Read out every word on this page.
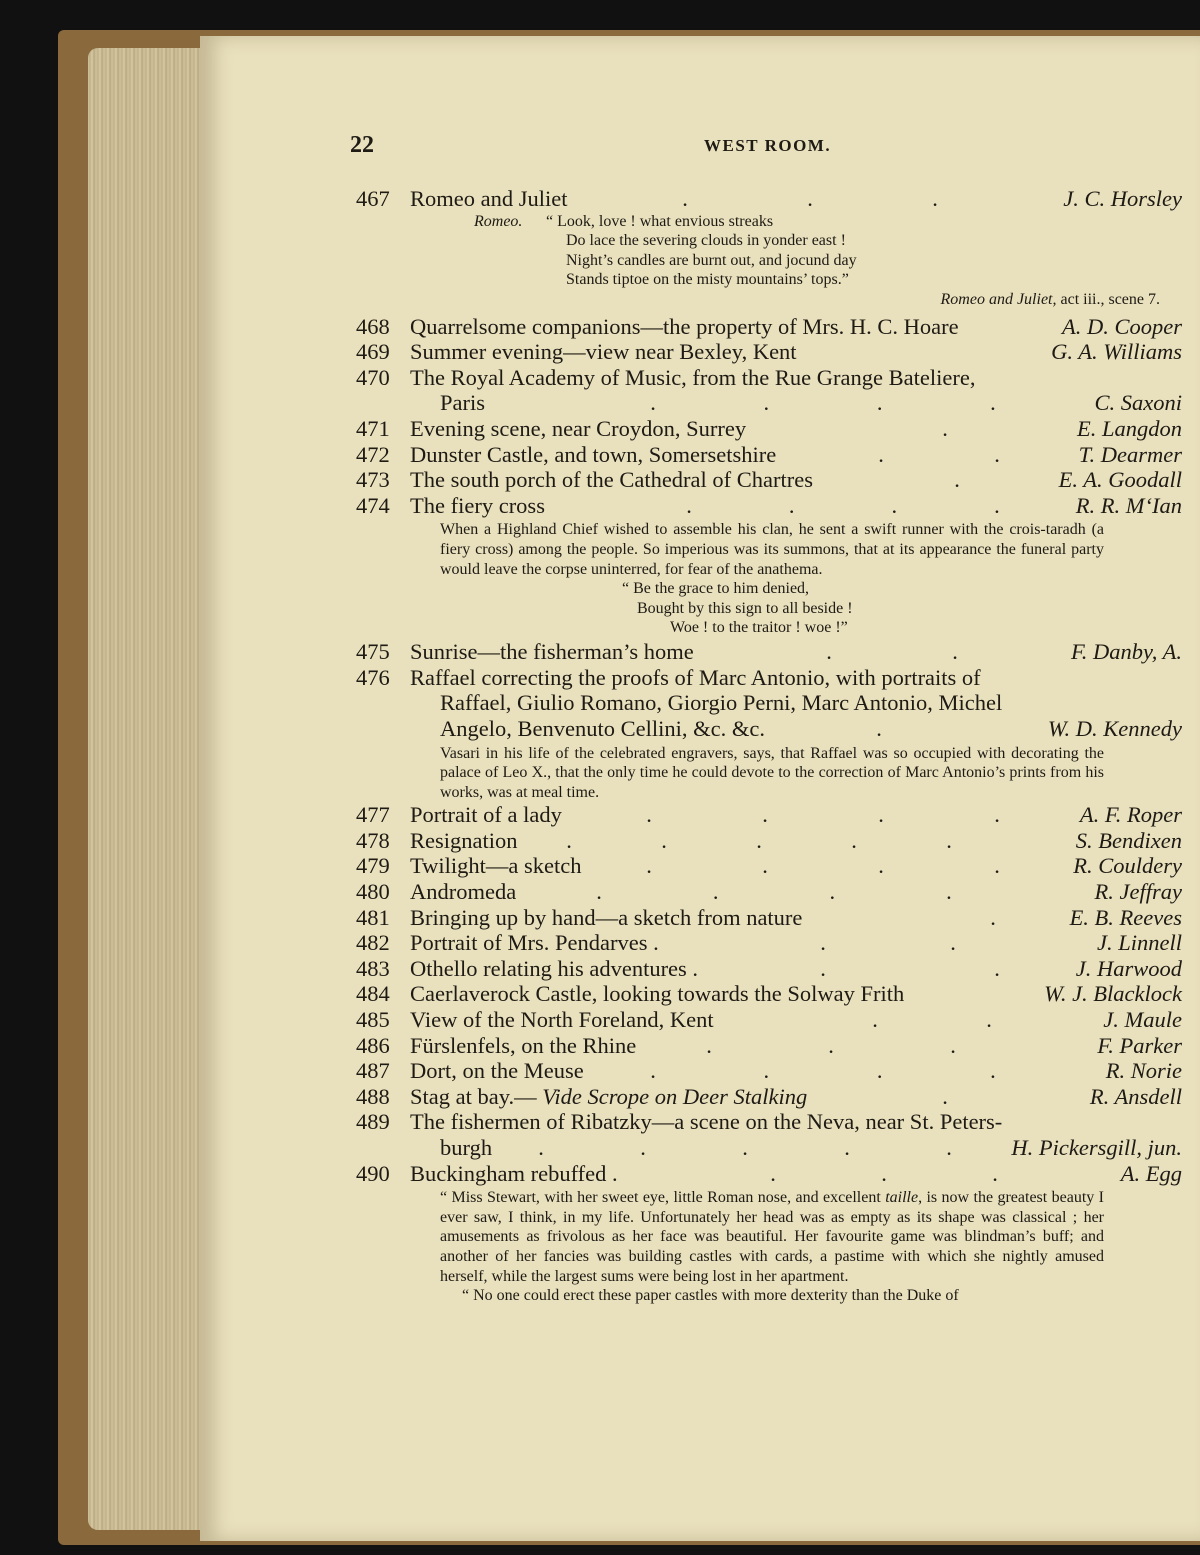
22	WEST ROOM.
467 Romeo and Juliet	.	.	.	J. C. Horsley
Romeo. “ Look, love ! what envious streaks
Do lace the severing clouds in yonder east !
Night’s candles are burnt out, and jocund day
Stands tiptoe on the misty mountains’ tops.”
Romeo and Juliet, act iii., scene 7.
468 Quarrelsome companions—the property of Mrs. H. C. Hoare	A. D. Cooper
469 Summer evening—view near Bexley, Kent	G. A. Williams
470 The Royal Academy of Music, from the Rue Grange Bateliere,
Paris	.	.	.	.	C. Saxoni
471 Evening scene, near Croydon, Surrey	.	E. Langdon
472 Dunster Castle, and town, Somersetshire	.	.	T. Dearmer
473 The south porch of the Cathedral of Chartres	.	E. A. Goodall
474 The fiery cross	.	.	.	.	R. R. M‘Ian
When a Highland Chief wished to assemble his clan, he sent a swift runner with the crois-taradh (a fiery cross) among the people. So imperious was its summons, that at its appearance the funeral party would leave the corpse uninterred, for fear of the anathema.
“ Be the grace to him denied,
Bought by this sign to all beside !
Woe ! to the traitor ! woe !”
475 Sunrise—the fisherman’s home	.	.	F. Danby, A.
476 Raffael correcting the proofs of Marc Antonio, with portraits of
Raffael, Giulio Romano, Giorgio Perni, Marc Antonio, Michel
Angelo, Benvenuto Cellini, &c. &c.	.	W. D. Kennedy
Vasari in his life of the celebrated engravers, says, that Raffael was so occupied with decorating the palace of Leo X., that the only time he could devote to the correction of Marc Antonio’s prints from his works, was at meal time.
477 Portrait of a lady	.	.	.	.	A. F. Roper
478 Resignation	.	.	.	.	.	S. Bendixen
479 Twilight—a sketch	.	.	.	.	R. Couldery
480 Andromeda	.	.	.	.	R. Jeffray
481 Bringing up by hand—a sketch from nature	.	E. B. Reeves
482 Portrait of Mrs. Pendarves .	.	.	J. Linnell
483 Othello relating his adventures .	.	.	J. Harwood
484 Caerlaverock Castle, looking towards the Solway Frith	W. J. Blacklock
485 View of the North Foreland, Kent	.	.	J. Maule
486 Fürslenfels, on the Rhine	.	.	.	F. Parker
487 Dort, on the Meuse	.	.	.	.	R. Norie
488 Stag at bay.— Vide Scrope on Deer Stalking	.	R. Ansdell
489 The fishermen of Ribatzky—a scene on the Neva, near St. Peters-
burgh	.	.	.	.	.	H. Pickersgill, jun.
490 Buckingham rebuffed .	.	.	.	A. Egg
“ Miss Stewart, with her sweet eye, little Roman nose, and excellent taille, is now the greatest beauty I ever saw, I think, in my life. Unfortunately her head was as empty as its shape was classical ; her amusements as frivolous as her face was beautiful. Her favourite game was blindman’s buff; and another of her fancies was building castles with cards, a pastime with which she nightly amused herself, while the largest sums were being lost in her apartment.
“ No one could erect these paper castles with more dexterity than the Duke of
